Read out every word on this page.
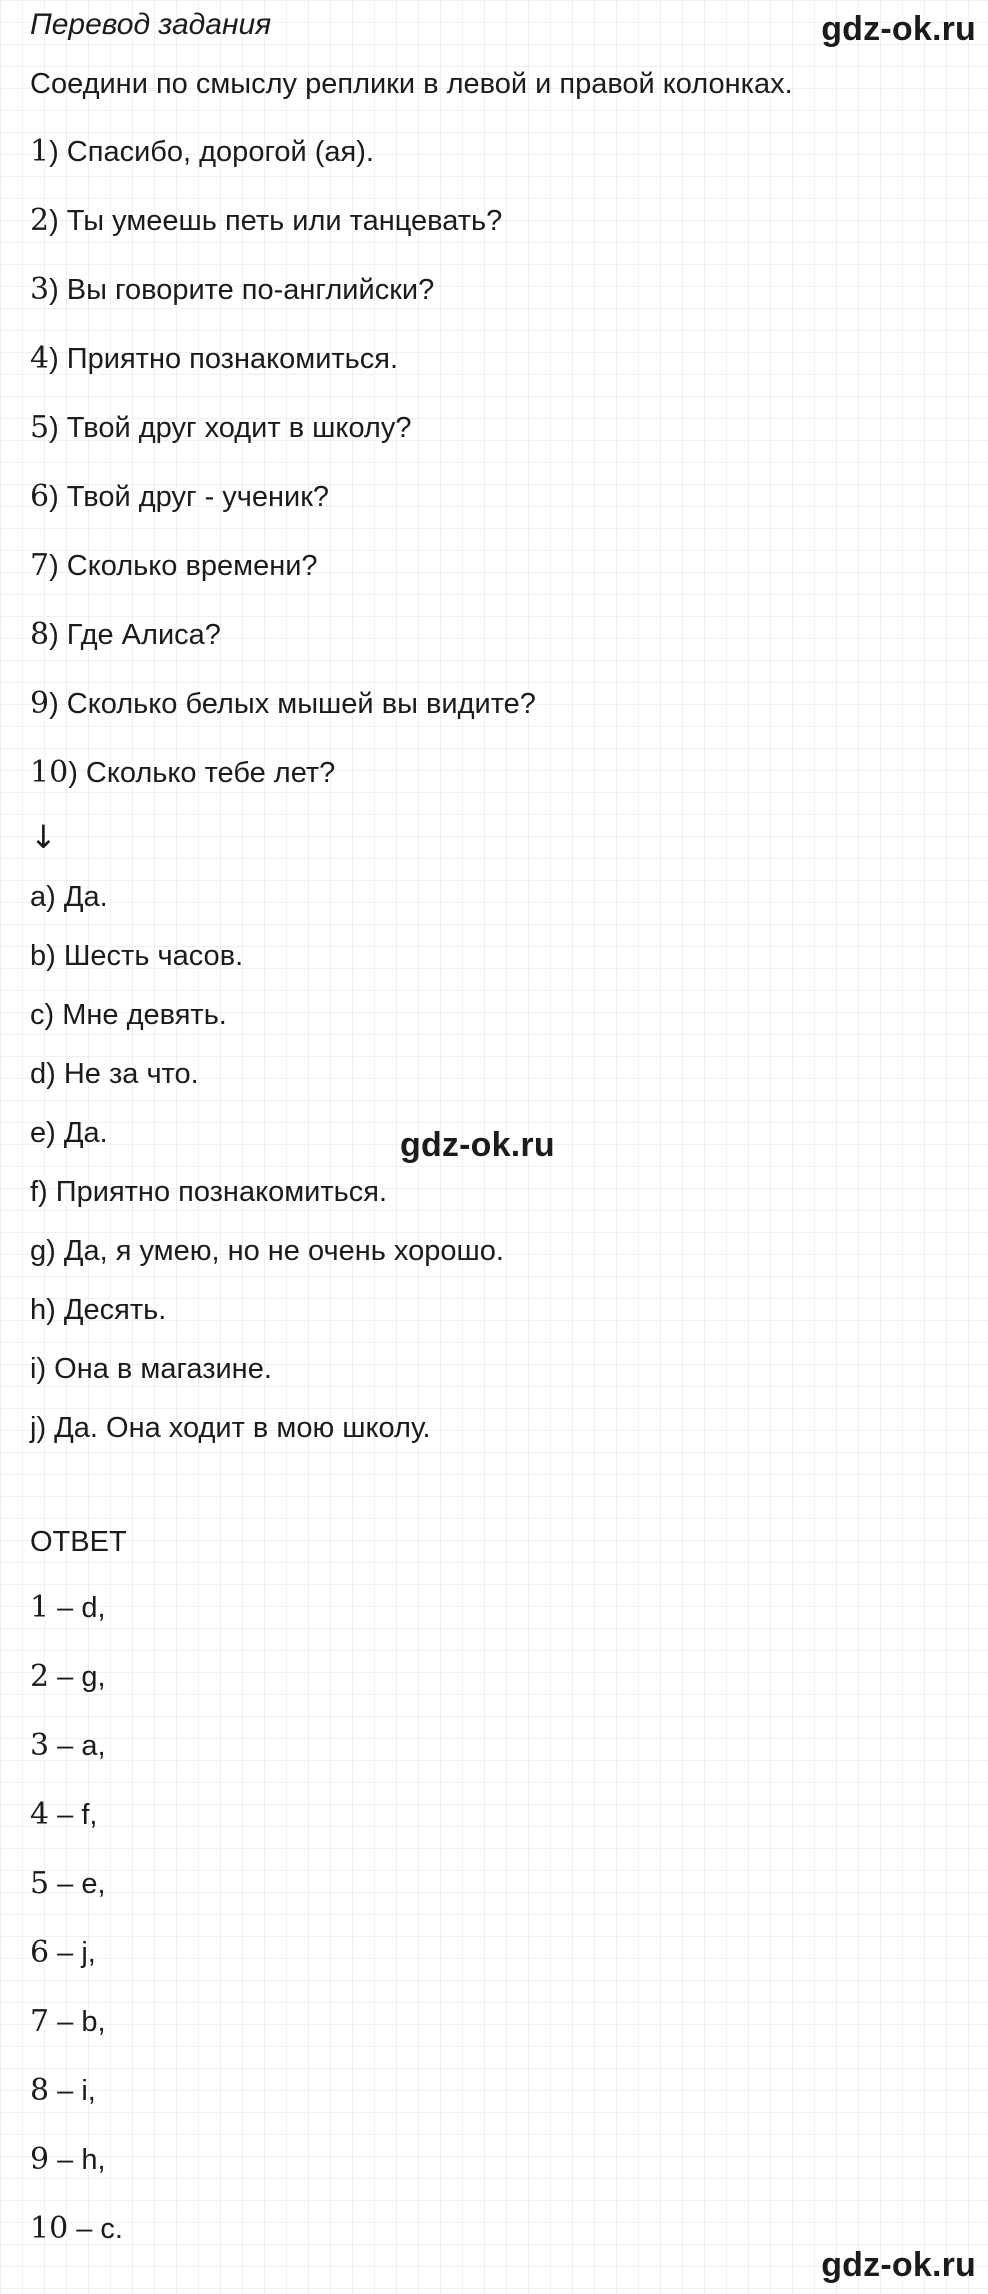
Перевод задания	gdz-ok.ru
Соедини по смыслу реплики в левой и правой колонках.
1) Спасибо, дорогой (ая).
2) Ты умеешь петь или танцевать?
3) Вы говорите по-английски?
4) Приятно познакомиться.
5) Твой друг ходит в школу?
6) Твой друг - ученик?
7) Сколько времени?
8) Где Алиса?
9) Сколько белых мышей вы видите?
10) Сколько тебе лет?
↓
a) Да.
b) Шесть часов.
c) Мне девять.
d) Не за что.
e) Да.
f) Приятно познакомиться.
g) Да, я умею, но не очень хорошо.
h) Десять.
i) Она в магазине.
j) Да. Она ходит в мою школу.
gdz-ok.ru
ОТВЕТ
1 – d,
2 – g,
3 – a,
4 – f,
5 – e,
6 – j,
7 – b,
8 – i,
9 – h,
10 – c.
gdz-ok.ru
